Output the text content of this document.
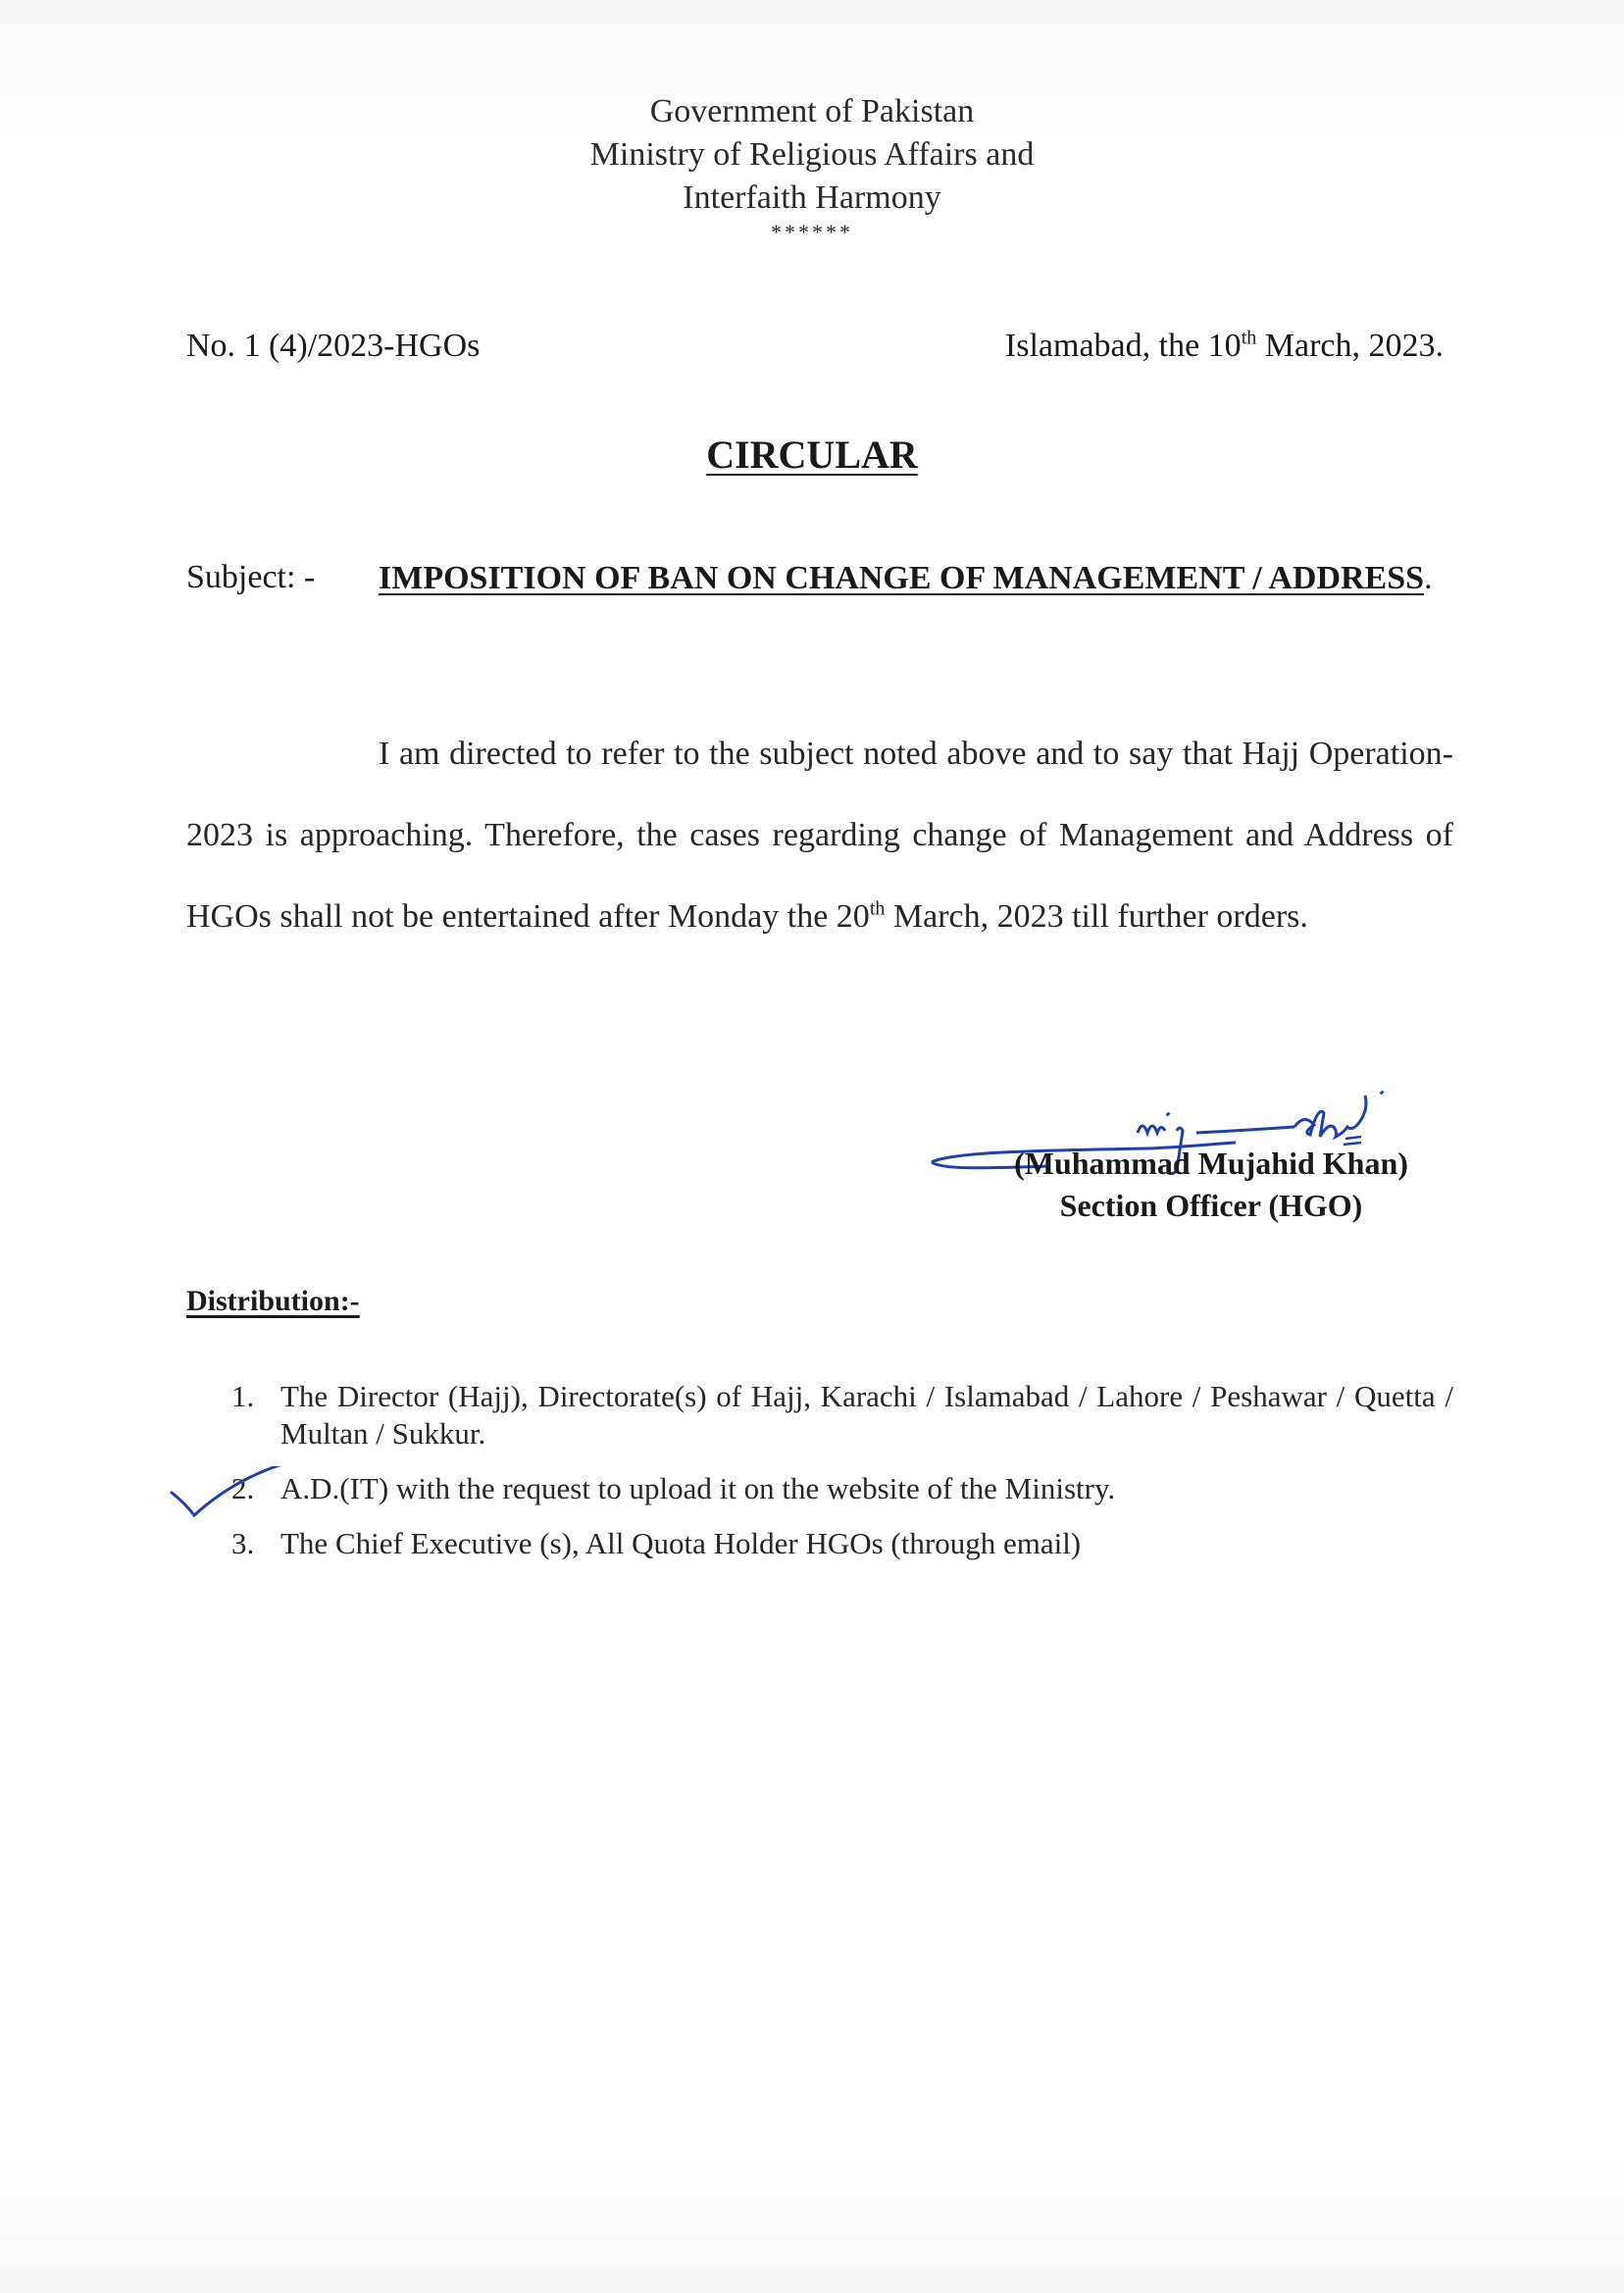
Government of Pakistan
Ministry of Religious Affairs and
Interfaith Harmony
******
No. 1 (4)/2023-HGOs	Islamabad, the 10th March, 2023.
CIRCULAR
Subject: - IMPOSITION OF BAN ON CHANGE OF MANAGEMENT / ADDRESS.
I am directed to refer to the subject noted above and to say that Hajj Operation-2023 is approaching. Therefore, the cases regarding change of Management and Address of HGOs shall not be entertained after Monday the 20th March, 2023 till further orders.
(Muhammad Mujahid Khan)
Section Officer (HGO)
Distribution:-
1. The Director (Hajj), Directorate(s) of Hajj, Karachi / Islamabad / Lahore / Peshawar / Quetta / Multan / Sukkur.
2. A.D.(IT) with the request to upload it on the website of the Ministry.
3. The Chief Executive (s), All Quota Holder HGOs (through email)
